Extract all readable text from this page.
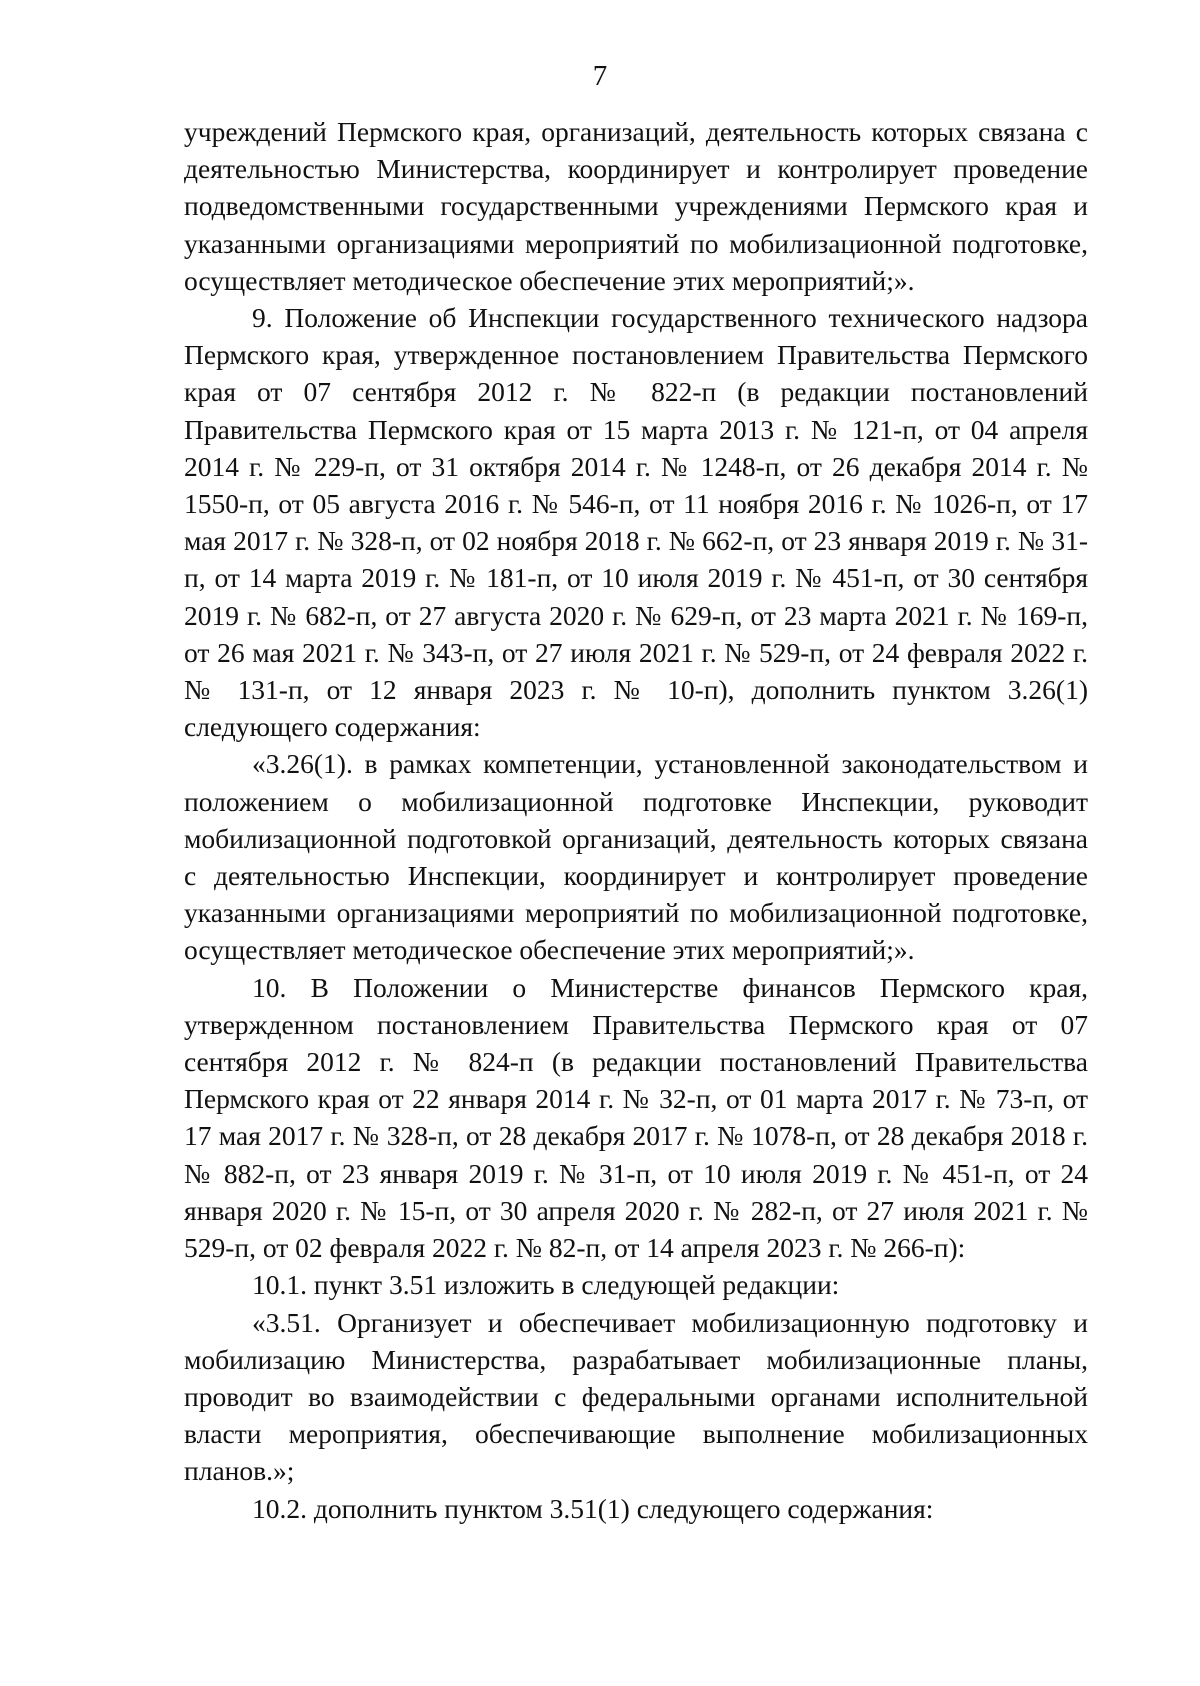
7

учреждений Пермского края, организаций, деятельность которых связана с деятельностью Министерства, координирует и контролирует проведение подведомственными государственными учреждениями Пермского края и указанными организациями мероприятий по мобилизационной подготовке, осуществляет методическое обеспечение этих мероприятий;».

9. Положение об Инспекции государственного технического надзора Пермского края, утвержденное постановлением Правительства Пермского края от 07 сентября 2012 г. № 822-п (в редакции постановлений Правительства Пермского края от 15 марта 2013 г. № 121-п, от 04 апреля 2014 г. № 229-п, от 31 октября 2014 г. № 1248-п, от 26 декабря 2014 г. № 1550-п, от 05 августа 2016 г. № 546-п, от 11 ноября 2016 г. № 1026-п, от 17 мая 2017 г. № 328-п, от 02 ноября 2018 г. № 662-п, от 23 января 2019 г. № 31-п, от 14 марта 2019 г. № 181-п, от 10 июля 2019 г. № 451-п, от 30 сентября 2019 г. № 682-п, от 27 августа 2020 г. № 629-п, от 23 марта 2021 г. № 169-п, от 26 мая 2021 г. № 343-п, от 27 июля 2021 г. № 529-п, от 24 февраля 2022 г. № 131-п, от 12 января 2023 г. № 10-п), дополнить пунктом 3.26(1) следующего содержания:

«3.26(1). в рамках компетенции, установленной законодательством и положением о мобилизационной подготовке Инспекции, руководит мобилизационной подготовкой организаций, деятельность которых связана с деятельностью Инспекции, координирует и контролирует проведение указанными организациями мероприятий по мобилизационной подготовке, осуществляет методическое обеспечение этих мероприятий;».

10. В Положении о Министерстве финансов Пермского края, утвержденном постановлением Правительства Пермского края от 07 сентября 2012 г. № 824-п (в редакции постановлений Правительства Пермского края от 22 января 2014 г. № 32-п, от 01 марта 2017 г. № 73-п, от 17 мая 2017 г. № 328-п, от 28 декабря 2017 г. № 1078-п, от 28 декабря 2018 г. № 882-п, от 23 января 2019 г. № 31-п, от 10 июля 2019 г. № 451-п, от 24 января 2020 г. № 15-п, от 30 апреля 2020 г. № 282-п, от 27 июля 2021 г. № 529-п, от 02 февраля 2022 г. № 82-п, от 14 апреля 2023 г. № 266-п):

10.1. пункт 3.51 изложить в следующей редакции:

«3.51. Организует и обеспечивает мобилизационную подготовку и мобилизацию Министерства, разрабатывает мобилизационные планы, проводит во взаимодействии с федеральными органами исполнительной власти мероприятия, обеспечивающие выполнение мобилизационных планов.»;

10.2. дополнить пунктом 3.51(1) следующего содержания:
